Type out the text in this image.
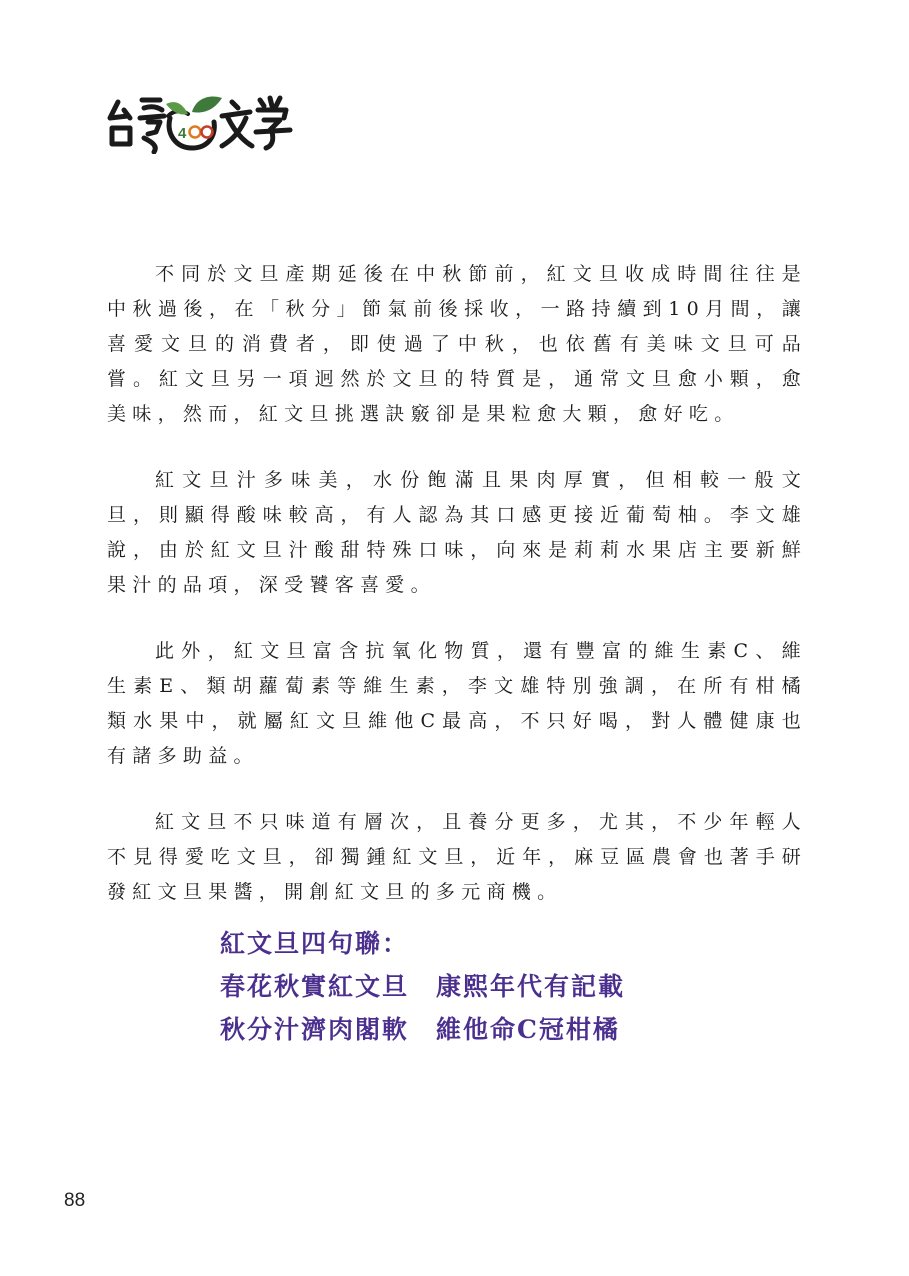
4

不同於文旦產期延後在中秋節前，紅文旦收成時間往往是中秋過後，在「秋分」節氣前後採收，一路持續到10月間，讓喜愛文旦的消費者，即使過了中秋，也依舊有美味文旦可品嘗。紅文旦另一項迥然於文旦的特質是，通常文旦愈小顆，愈美味，然而，紅文旦挑選訣竅卻是果粒愈大顆，愈好吃。

紅文旦汁多味美，水份飽滿且果肉厚實，但相較一般文旦，則顯得酸味較高，有人認為其口感更接近葡萄柚。李文雄說，由於紅文旦汁酸甜特殊口味，向來是莉莉水果店主要新鮮果汁的品項，深受饕客喜愛。

此外，紅文旦富含抗氧化物質，還有豐富的維生素C、維生素E、類胡蘿蔔素等維生素，李文雄特別強調，在所有柑橘類水果中，就屬紅文旦維他C最高，不只好喝，對人體健康也有諸多助益。

紅文旦不只味道有層次，且養分更多，尤其，不少年輕人不見得愛吃文旦，卻獨鍾紅文旦，近年，麻豆區農會也著手研發紅文旦果醬，開創紅文旦的多元商機。

紅文旦四句聯：
春花秋實紅文旦　康熙年代有記載
秋分汁濟肉閣軟　維他命C冠柑橘
88
